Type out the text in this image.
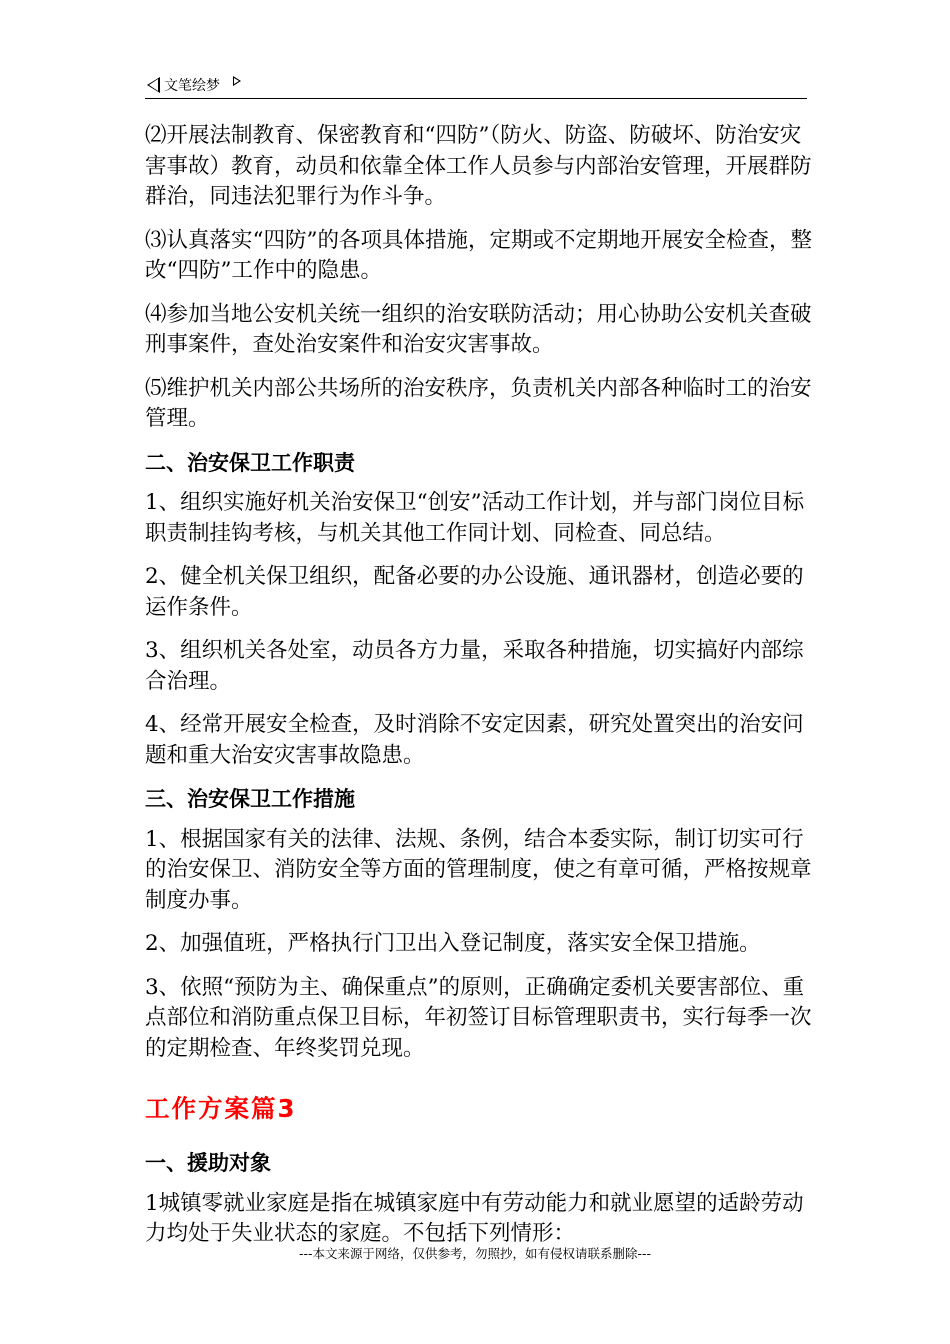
文笔绘梦

⑵开展法制教育、保密教育和“四防”（防火、防盗、防破坏、防治安灾害事故）教育，动员和依靠全体工作人员参与内部治安管理，开展群防群治，同违法犯罪行为作斗争。

⑶认真落实“四防”的各项具体措施，定期或不定期地开展安全检查，整改“四防”工作中的隐患。

⑷参加当地公安机关统一组织的治安联防活动；用心协助公安机关查破刑事案件，查处治安案件和治安灾害事故。

⑸维护机关内部公共场所的治安秩序，负责机关内部各种临时工的治安管理。

二、治安保卫工作职责

1、组织实施好机关治安保卫“创安”活动工作计划，并与部门岗位目标职责制挂钩考核，与机关其他工作同计划、同检查、同总结。

2、健全机关保卫组织，配备必要的办公设施、通讯器材，创造必要的运作条件。

3、组织机关各处室，动员各方力量，采取各种措施，切实搞好内部综合治理。

4、经常开展安全检查，及时消除不安定因素，研究处置突出的治安问题和重大治安灾害事故隐患。

三、治安保卫工作措施

1、根据国家有关的法律、法规、条例，结合本委实际，制订切实可行的治安保卫、消防安全等方面的管理制度，使之有章可循，严格按规章制度办事。

2、加强值班，严格执行门卫出入登记制度，落实安全保卫措施。

3、依照“预防为主、确保重点”的原则，正确确定委机关要害部位、重点部位和消防重点保卫目标，年初签订目标管理职责书，实行每季一次的定期检查、年终奖罚兑现。

工作方案篇3

一、援助对象

1城镇零就业家庭是指在城镇家庭中有劳动能力和就业愿望的适龄劳动力均处于失业状态的家庭。不包括下列情形：

---本文来源于网络，仅供参考，勿照抄，如有侵权请联系删除---
